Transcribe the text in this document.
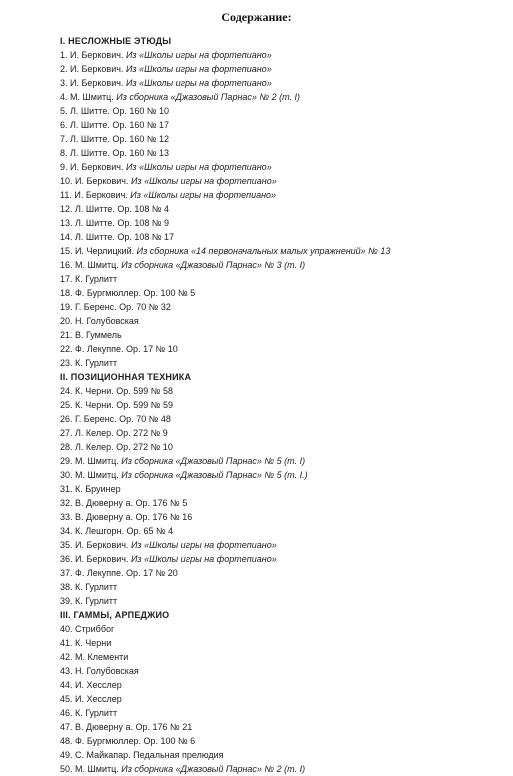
Содержание:
I. НЕСЛОЖНЫЕ ЭТЮДЫ
1. И. Беркович. Из «Школы игры на фортепиано»
2. И. Беркович. Из «Школы игры на фортепиано»
3. И. Беркович. Из «Школы игры на фортепиано»
4. М. Шмитц. Из сборника «Джазовый Парнас» № 2 (т. I)
5. Л. Шитте. Ор. 160 № 10
6. Л. Шитте. Ор. 160 № 17
7. Л. Шитте. Ор. 160 № 12
8. Л. Шитте. Ор. 160 № 13
9. И. Беркович. Из «Школы игры на фортепиано»
10. И. Беркович. Из «Школы игры на фортепиано»
11. И. Беркович. Из «Школы игры на фортепиано»
12. Л. Шитте. Ор. 108 № 4
13. Л. Шитте. Ор. 108 № 9
14. Л. Шитте. Ор. 108 № 17
15. И. Черлицкий. Из сборника «14 первоначальных малых упражнений» № 13
16. М. Шмитц. Из сборника «Джазовый Парнас» № 3 (т. I)
17. К. Гурлитт
18. Ф. Бургмюллер. Ор. 100 № 5
19. Г. Беренс. Ор. 70 № 32
20. Н. Голубовская
21. В. Гуммель
22. Ф. Лекуппе. Ор. 17 № 10
23. К. Гурлитт
II. ПОЗИЦИОННАЯ ТЕХНИКА
24. К. Черни. Ор. 599 № 58
25. К. Черни. Ор. 599 № 59
26. Г. Беренс. Ор. 70 № 48
27. Л. Келер. Ор. 272 № 9
28. Л. Келер. Ор. 272 № 10
29. М. Шмитц. Из сборника «Джазовый Парнас» № 5 (т. I)
30. М. Шмитц. Из сборника «Джазовый Парнас» № 5 (т. I.)
31. К. Бруинер
32. В. Дюверну а. Ор. 176 № 5
33. В. Дюверну а. Ор. 176 № 16
34. К. Лешгорн. Ор. 65 № 4
35. И. Беркович. Из «Школы игры на фортепиано»
36. И. Беркович. Из «Школы игры на фортепиано»
37. Ф. Лекуппе. Ор. 17 № 20
38. К. Гурлитт
39. К. Гурлитт
III. ГАММЫ, АРПЕДЖИО
40. Стриббог
41. К. Черни
42. М. Клементи
43. Н. Голубовская
44. И. Хесслер
45. И. Хесслер
46. К. Гурлитт
47. В. Дюверну а. Ор. 176 № 21
48. Ф. Бургмюллер. Ор. 100 № 6
49. С. Майкапар. Педальная прелюдия
50. М. Шмитц. Из сборника «Джазовый Парнас» № 2 (т. I)
